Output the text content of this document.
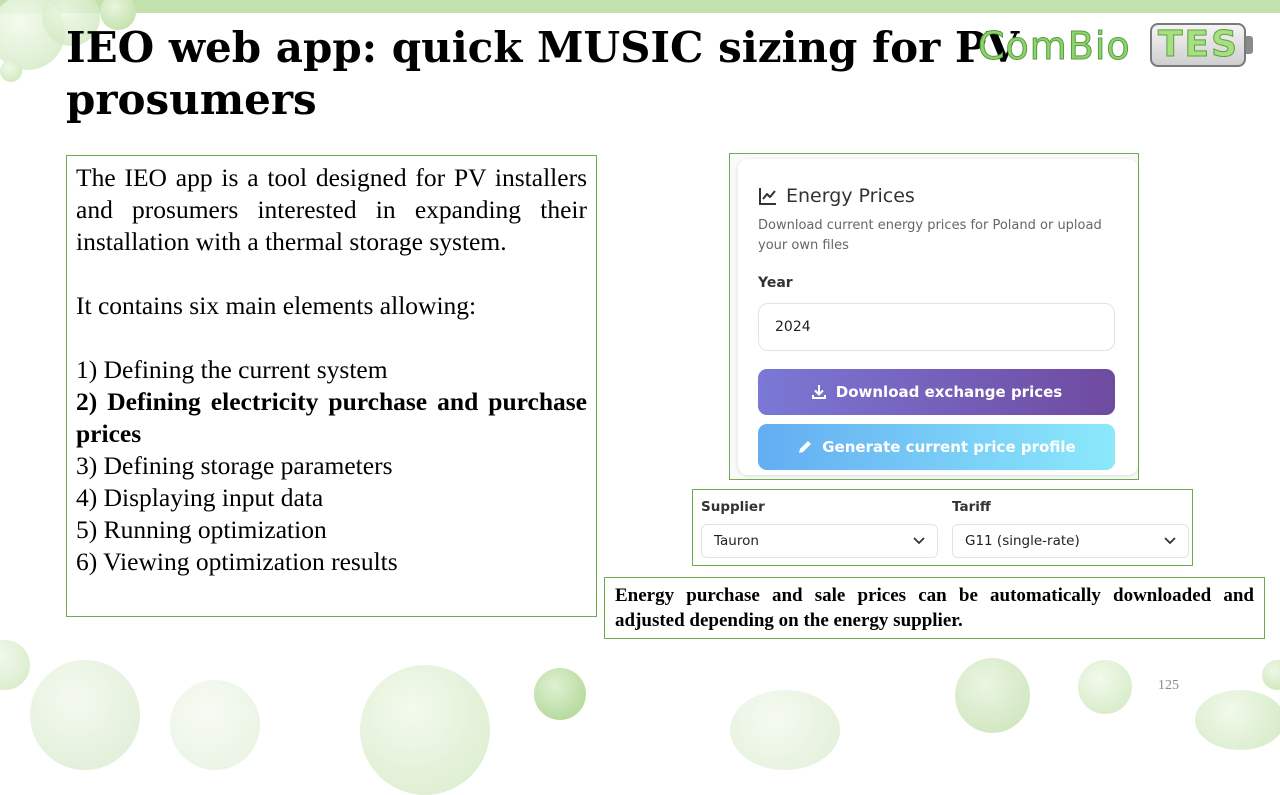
IEO web app: quick MUSIC sizing for PV prosumers
ComBio TES

The IEO app is a tool designed for PV installers and prosumers interested in expanding their installation with a thermal storage system.

It contains six main elements allowing:

1) Defining the current system

2) Defining electricity purchase and purchase prices

3) Defining storage parameters

4) Displaying input data

5) Running optimization

6) Viewing optimization results

Energy Prices
Download current energy prices for Poland or upload your own files
Year
2024
Download exchange prices
Generate current price profile
Supplier	Tariff
Tauron	G11 (single-rate)
Energy purchase and sale prices can be automatically downloaded and adjusted depending on the energy supplier.
125
